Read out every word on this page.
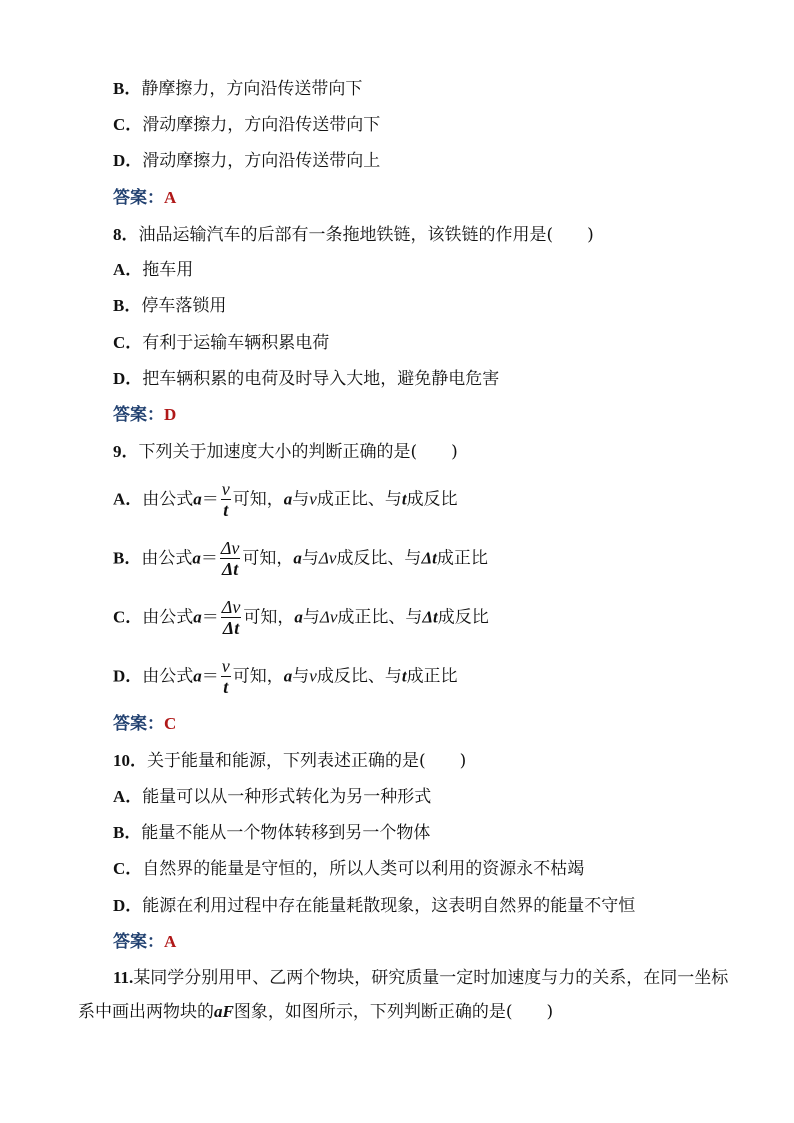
B．静摩擦力，方向沿传送带向下
C．滑动摩擦力，方向沿传送带向下
D．滑动摩擦力，方向沿传送带向上
答案：A
8．油品运输汽车的后部有一条拖地铁链，该铁链的作用是(　　)
A．拖车用
B．停车落锁用
C．有利于运输车辆积累电荷
D．把车辆积累的电荷及时导入大地，避免静电危害
答案：D
9．下列关于加速度大小的判断正确的是(　　)
A．由公式$a= \frac{v}{t}$ 可知，a与v成正比、与t成反比
B．由公式$a= \frac{\Delta v}{\Delta t}$ 可知，a与Δv成反比、与Δt成正比
C．由公式$a= \frac{\Delta v}{\Delta t}$ 可知，a与Δv成正比、与Δt成反比
D．由公式$a= \frac{v}{t}$ 可知，a与v成反比、与t成正比
答案：C
10．关于能量和能源，下列表述正确的是(　　)
A．能量可以从一种形式转化为另一种形式
B．能量不能从一个物体转移到另一个物体
C．自然界的能量是守恒的，所以人类可以利用的资源永不枯竭
D．能源在利用过程中存在能量耗散现象，这表明自然界的能量不守恒
答案：A
11.某同学分别用甲、乙两个物块，研究质量一定时加速度与力的关系，在同一坐标系中画出两物块的aF图象，如图所示，下列判断正确的是(　　)
